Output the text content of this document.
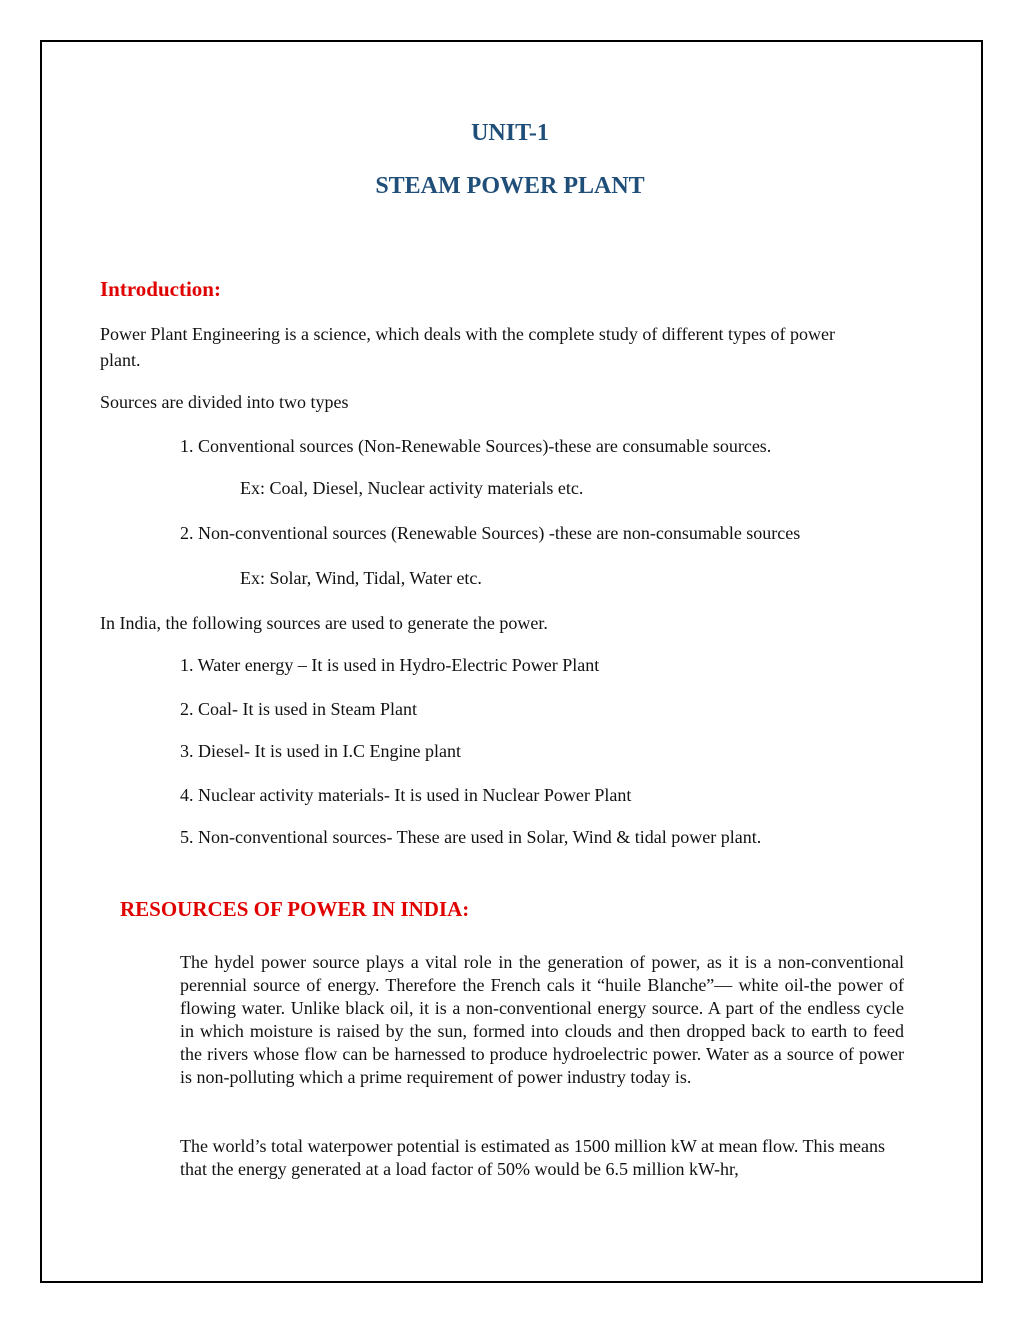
UNIT-1
STEAM POWER PLANT
Introduction:
Power Plant Engineering is a science, which deals with the complete study of different types of power
plant.
Sources are divided into two types
1. Conventional sources (Non-Renewable Sources)-these are consumable sources.
Ex: Coal, Diesel, Nuclear activity materials etc.
2. Non-conventional sources (Renewable Sources) -these are non-consumable sources
Ex: Solar, Wind, Tidal, Water etc.
In India, the following sources are used to generate the power.
1. Water energy – It is used in Hydro-Electric Power Plant
2. Coal- It is used in Steam Plant
3. Diesel- It is used in I.C Engine plant
4. Nuclear activity materials- It is used in Nuclear Power Plant
5. Non-conventional sources- These are used in Solar, Wind & tidal power plant.
RESOURCES OF POWER IN INDIA:
The hydel power source plays a vital role in the generation of power, as it is a non-conventional perennial source of energy. Therefore the French cals it “huile Blanche”— white oil-the power of flowing water. Unlike black oil, it is a non-conventional energy source. A part of the endless cycle in which moisture is raised by the sun, formed into clouds and then dropped back to earth to feed the rivers whose flow can be harnessed to produce hydroelectric power. Water as a source of power is non-polluting which a prime requirement of power industry today is.
The world’s total waterpower potential is estimated as 1500 million kW at mean flow. This means that the energy generated at a load factor of 50% would be 6.5 million kW-hr,
